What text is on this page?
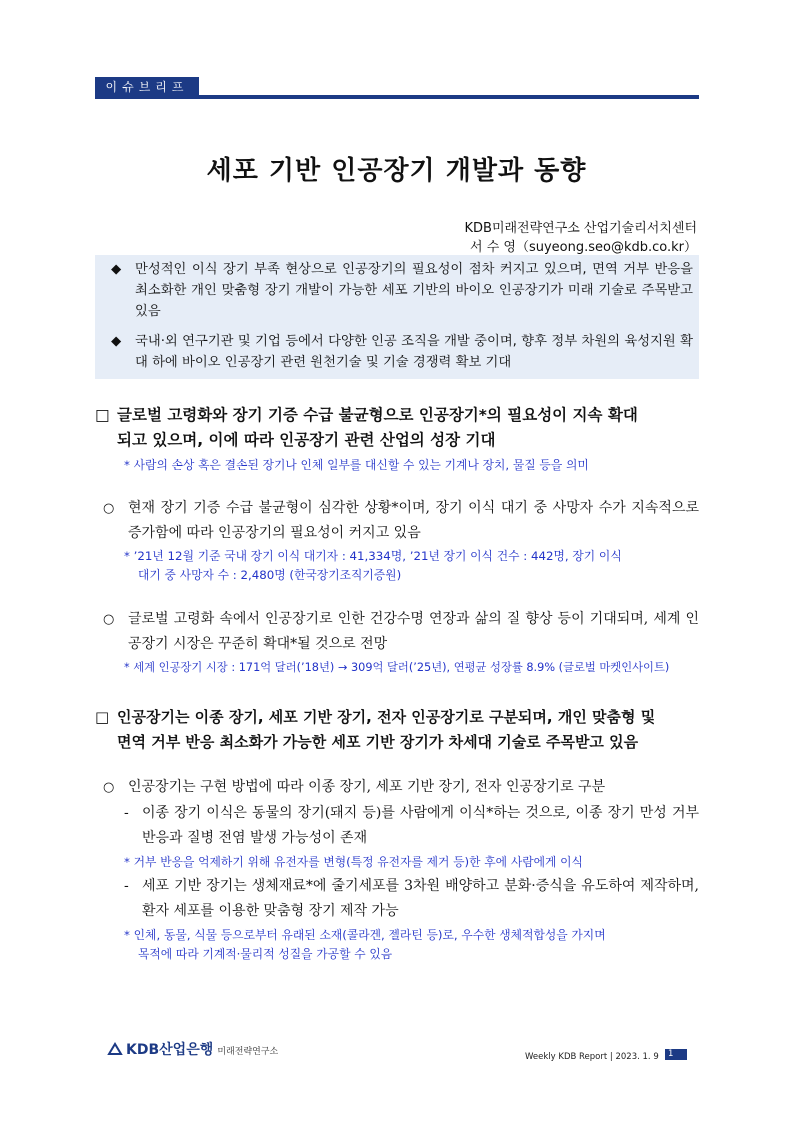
이슈브리프
세포 기반 인공장기 개발과 동향
KDB미래전략연구소 산업기술리서치센터
서 수 영（suyeong.seo@kdb.co.kr）
◆ 만성적인 이식 장기 부족 현상으로 인공장기의 필요성이 점차 커지고 있으며, 면역 거부 반응을 최소화한 개인 맞춤형 장기 개발이 가능한 세포 기반의 바이오 인공장기가 미래 기술로 주목받고 있음
◆ 국내·외 연구기관 및 기업 등에서 다양한 인공 조직을 개발 중이며, 향후 정부 차원의 육성지원 확대 하에 바이오 인공장기 관련 원천기술 및 기술 경쟁력 확보 기대
□ 글로벌 고령화와 장기 기증 수급 불균형으로 인공장기*의 필요성이 지속 확대
되고 있으며, 이에 따라 인공장기 관련 산업의 성장 기대
* 사람의 손상 혹은 결손된 장기나 인체 일부를 대신할 수 있는 기계나 장치, 물질 등을 의미
○ 현재 장기 기증 수급 불균형이 심각한 상황*이며, 장기 이식 대기 중 사망자 수가 지속적으로 증가함에 따라 인공장기의 필요성이 커지고 있음
* ’21년 12월 기준 국내 장기 이식 대기자 : 41,334명, ’21년 장기 이식 건수 : 442명, 장기 이식
대기 중 사망자 수 : 2,480명 (한국장기조직기증원)
○ 글로벌 고령화 속에서 인공장기로 인한 건강수명 연장과 삶의 질 향상 등이 기대되며, 세계 인공장기 시장은 꾸준히 확대*될 것으로 전망
* 세계 인공장기 시장 : 171억 달러(’18년) → 309억 달러(’25년), 연평균 성장률 8.9% (글로벌 마켓인사이트)
□ 인공장기는 이종 장기, 세포 기반 장기, 전자 인공장기로 구분되며, 개인 맞춤형 및
면역 거부 반응 최소화가 가능한 세포 기반 장기가 차세대 기술로 주목받고 있음
○ 인공장기는 구현 방법에 따라 이종 장기, 세포 기반 장기, 전자 인공장기로 구분
- 이종 장기 이식은 동물의 장기(돼지 등)를 사람에게 이식*하는 것으로, 이종 장기 만성 거부 반응과 질병 전염 발생 가능성이 존재
* 거부 반응을 억제하기 위해 유전자를 변형(특정 유전자를 제거 등)한 후에 사람에게 이식
- 세포 기반 장기는 생체재료*에 줄기세포를 3차원 배양하고 분화·증식을 유도하여 제작하며, 환자 세포를 이용한 맞춤형 장기 제작 가능
* 인체, 동물, 식물 등으로부터 유래된 소재(콜라겐, 젤라틴 등)로, 우수한 생체적합성을 가지며
목적에 따라 기계적·물리적 성질을 가공할 수 있음
KDB산업은행 미래전략연구소	Weekly KDB Report | 2023. 1. 9	1
